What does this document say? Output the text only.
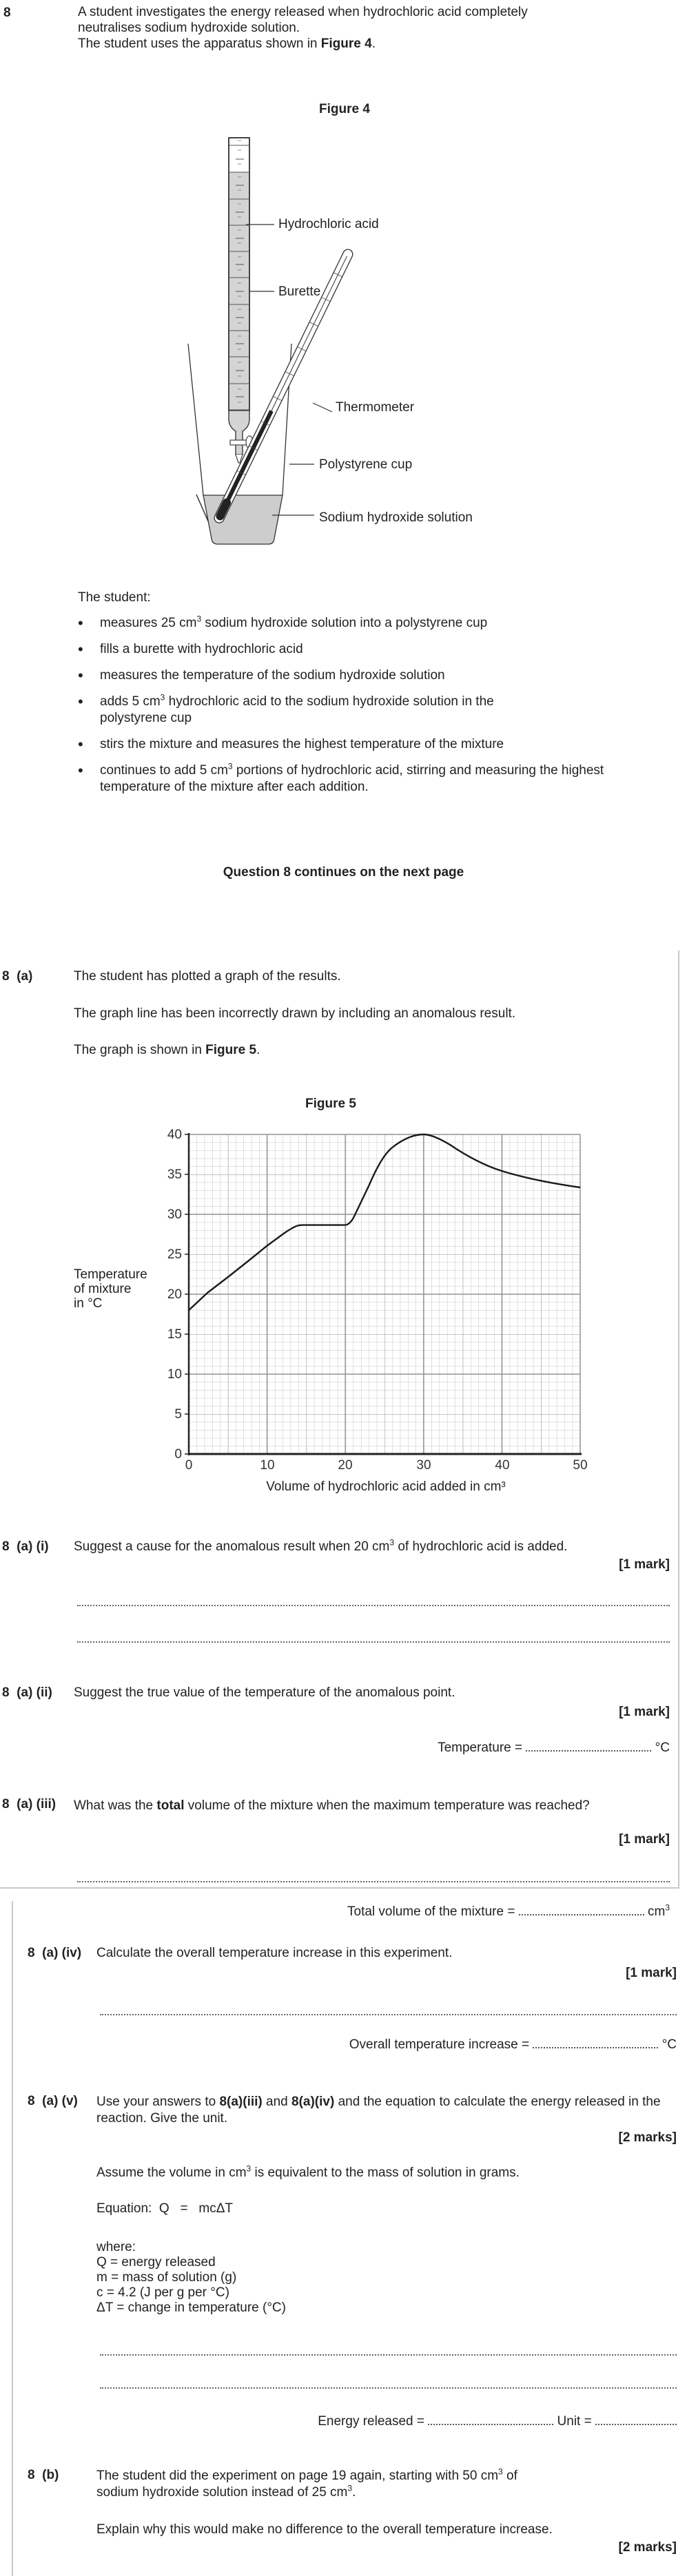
8	A student investigates the energy released when hydrochloric acid completely
neutralises sodium hydroxide solution.
The student uses the apparatus shown in Figure 4.
Figure 4
Hydrochloric acid
Burette
Thermometer
Polystyrene cup
Sodium hydroxide solution
The student:
• measures 25 $cm^3$ sodium hydroxide solution into a polystyrene cup
• fills a burette with hydrochloric acid
• measures the temperature of the sodium hydroxide solution
• adds 5 $cm^3$ hydrochloric acid to the sodium hydroxide solution in the polystyrene cup
• stirs the mixture and measures the highest temperature of the mixture
• continues to add 5 $cm^3$ portions of hydrochloric acid, stirring and measuring the highest temperature of the mixture after each addition.
Question 8 continues on the next page
8  (a)	The student has plotted a graph of the results.
The graph line has been incorrectly drawn by including an anomalous result.
The graph is shown in Figure 5.
Figure 5
Temperature
of mixture
in °C
40
35
30
25
20
15
10
5
0
0	10	20	30	40	50
Volume of hydrochloric acid added in cm³
8  (a) (i) Suggest a cause for the anomalous result when 20 $cm^3$ of hydrochloric acid is added.
[1 mark]
8  (a) (ii) Suggest the true value of the temperature of the anomalous point.
[1 mark]
Temperature =	°C
8  (a) (iii) What was the total volume of the mixture when the maximum temperature was reached?
[1 mark]
Total volume of the mixture =	$cm^3$
8  (a) (iv) Calculate the overall temperature increase in this experiment.
[1 mark]
Overall temperature increase =	°C
8  (a) (v) Use your answers to 8(a)(iii) and 8(a)(iv) and the equation to calculate the energy released in the reaction. Give the unit.
[2 marks]
Assume the volume in $cm^3$ is equivalent to the mass of solution in grams.
Equation:  Q   =   mcΔT
where:
Q = energy released
m = mass of solution (g)
c = 4.2 (J per g per °C)
ΔT = change in temperature (°C)
Energy released =	Unit =
8  (b)	The student did the experiment on page 19 again, starting with 50 $cm^3$ of
sodium hydroxide solution instead of 25 $cm^3$.
Explain why this would make no difference to the overall temperature increase.
[2 marks]
